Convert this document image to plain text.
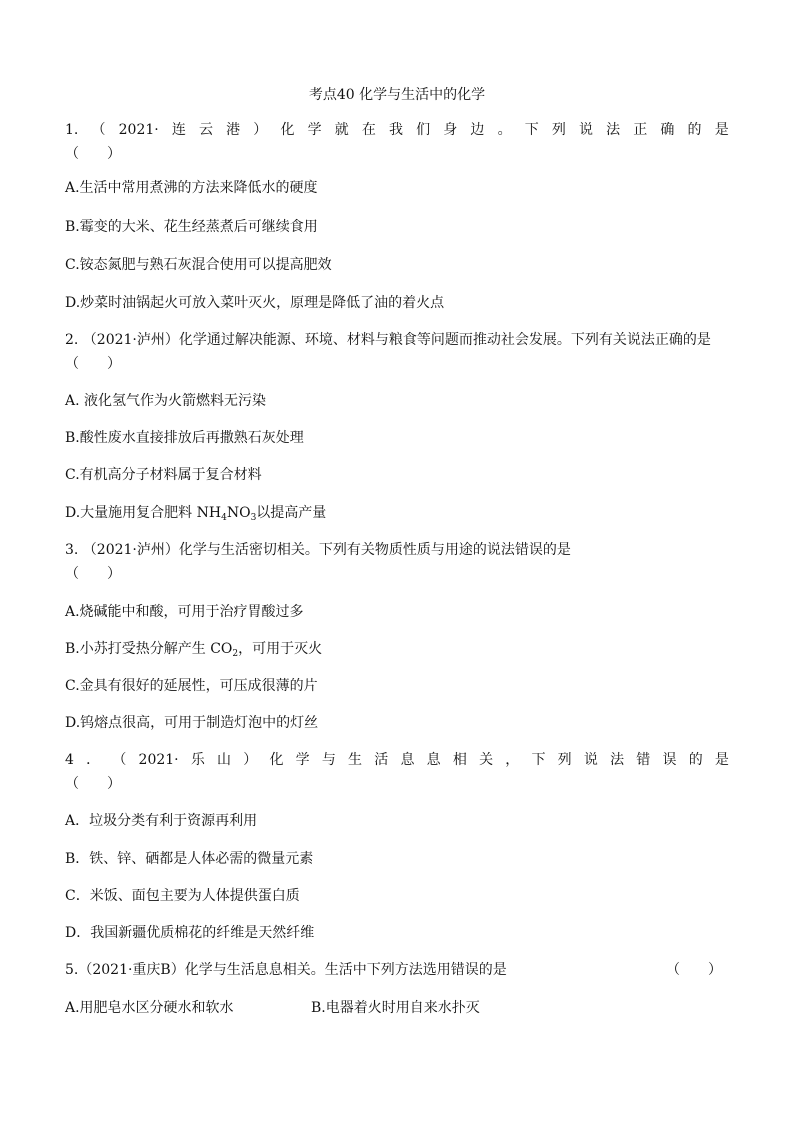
考点40 化学与生活中的化学
1. （ 2021· 连 云 港 ） 化 学 就 在 我 们 身 边 。 下 列 说 法 正 确 的 是
（　　）
A.生活中常用煮沸的方法来降低水的硬度
B.霉变的大米、花生经蒸煮后可继续食用
C.铵态氮肥与熟石灰混合使用可以提高肥效
D.炒菜时油锅起火可放入菜叶灭火，原理是降低了油的着火点
2. （2021·泸州）化学通过解决能源、环境、材料与粮食等问题而推动社会发展。下列有关说法正确的是
（　　）
A. 液化氢气作为火箭燃料无污染
B.酸性废水直接排放后再撒熟石灰处理
C.有机高分子材料属于复合材料
D.大量施用复合肥料 $NH_4NO_3$以提高产量
3. （2021·泸州）化学与生活密切相关。下列有关物质性质与用途的说法错误的是
（　　）
A.烧碱能中和酸，可用于治疗胃酸过多
B.小苏打受热分解产生 $CO_2$，可用于灭火
C.金具有很好的延展性，可压成很薄的片
D.钨熔点很高，可用于制造灯泡中的灯丝
4 ． （ 2021· 乐 山 ） 化 学 与 生 活 息 息 相 关 ， 下 列 说 法 错 误 的 是
（　　）
A．垃圾分类有利于资源再利用
B．铁、锌、硒都是人体必需的微量元素
C．米饭、面包主要为人体提供蛋白质
D．我国新疆优质棉花的纤维是天然纤维
5.（2021·重庆B）化学与生活息息相关。生活中下列方法选用错误的是	（　　）
A.用肥皂水区分硬水和软水	B.电器着火时用自来水扑灭
